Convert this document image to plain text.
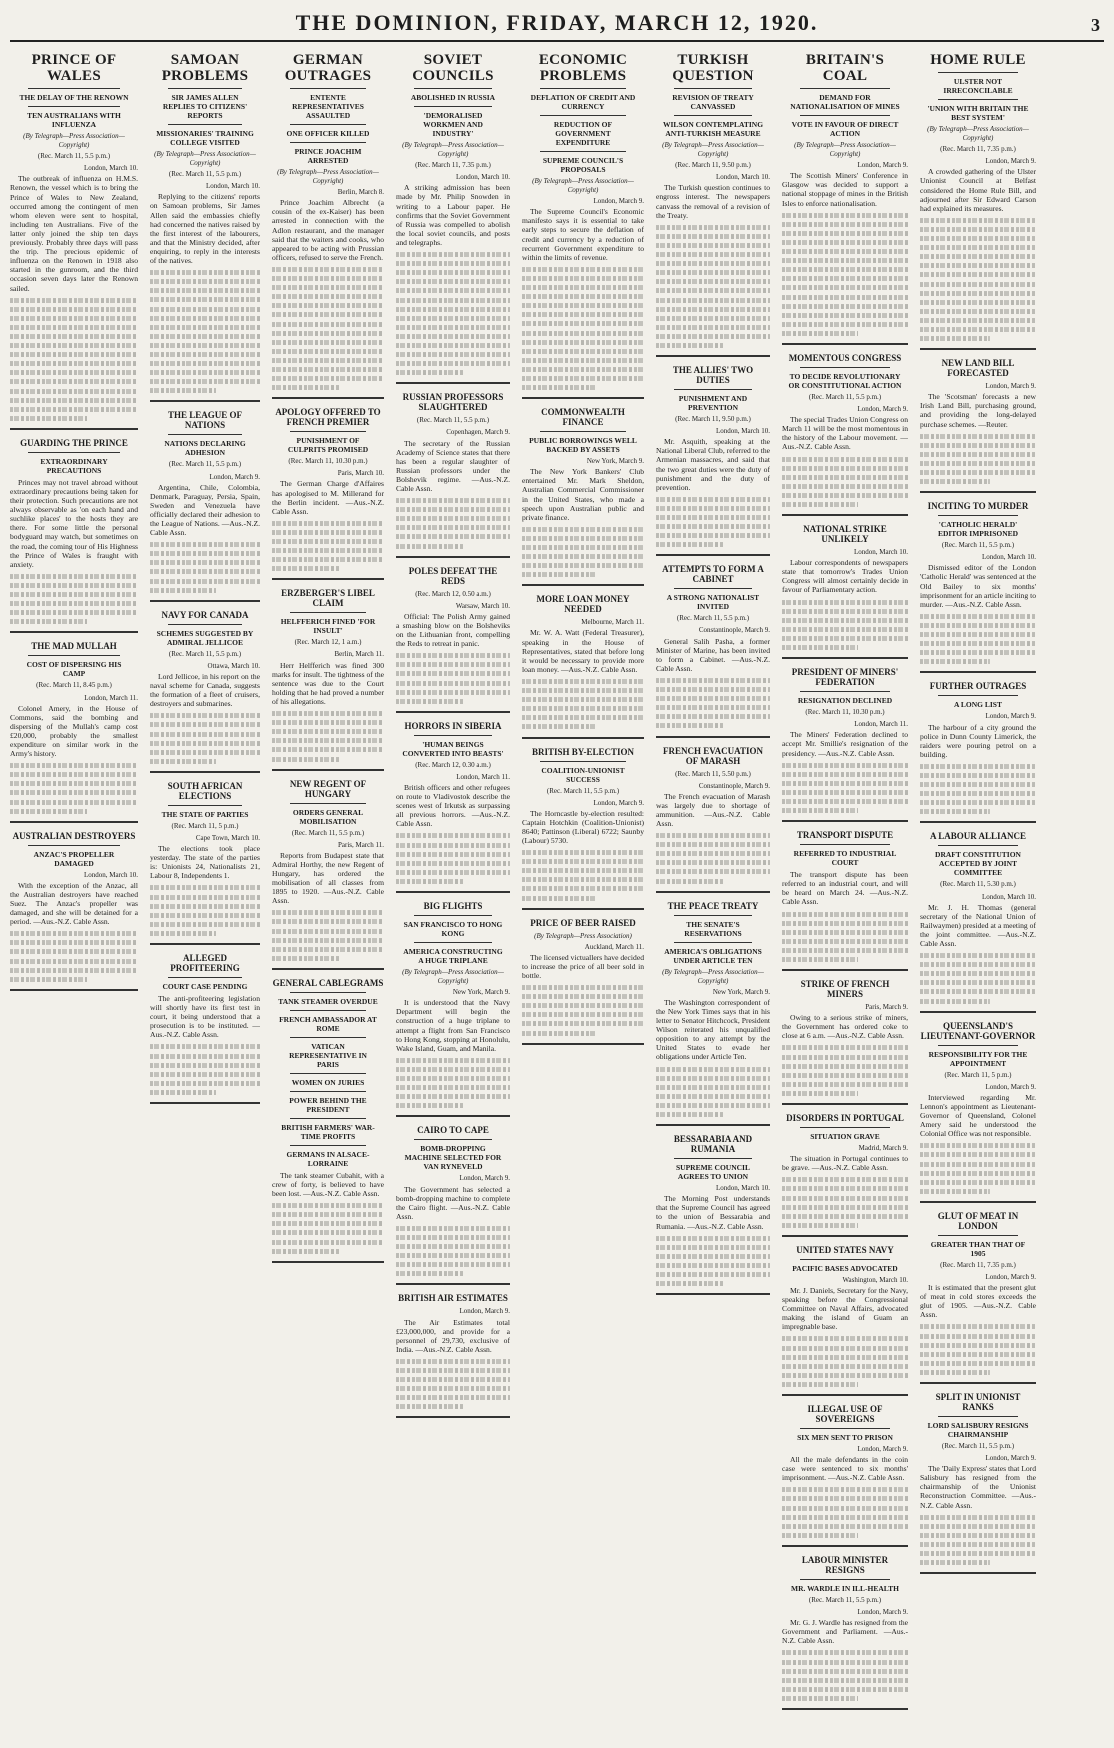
THE DOMINION, FRIDAY, MARCH 12, 1920.	3
PRINCE OF WALES
THE DELAY OF THE RENOWN
TEN AUSTRALIANS WITH INFLUENZA
(By Telegraph—Press Association—Copyright)
(Rec. March 11, 5.5 p.m.)
London, March 10.

The outbreak of influenza on H.M.S. Renown, the vessel which is to bring the Prince of Wales to New Zealand, occurred among the contingent of men whom eleven were sent to hospital, including ten Australians. Five of the latter only joined the ship ten days previously. Probably three days will pass the trip. The precious epidemic of influenza on the Renown in 1918 also started in the gunroom, and the third occasion seven days later the Renown sailed.

GUARDING THE PRINCE
EXTRAORDINARY PRECAUTIONS

Princes may not travel abroad without extraordinary precautions being taken for their protection. Such precautions are not always observable as 'on each hand and suchlike places' to the hosts they are there. For some little the personal bodyguard may watch, but sometimes on the road, the coming tour of His Highness the Prince of Wales is fraught with anxiety.

THE MAD MULLAH
COST OF DISPERSING HIS CAMP
(Rec. March 11, 8.45 p.m.)
London, March 11.

Colonel Amery, in the House of Commons, said the bombing and dispersing of the Mullah's camp cost £20,000, probably the smallest expenditure on similar work in the Army's history.

AUSTRALIAN DESTROYERS
ANZAC'S PROPELLER DAMAGED
London, March 10.

With the exception of the Anzac, all the Australian destroyers have reached Suez. The Anzac's propeller was damaged, and she will be detained for a period. —Aus.-N.Z. Cable Assn.

SAMOAN PROBLEMS
SIR JAMES ALLEN REPLIES TO CITIZENS' REPORTS
MISSIONARIES' TRAINING COLLEGE VISITED
(By Telegraph—Press Association—Copyright)
(Rec. March 11, 5.5 p.m.)
London, March 10.

Replying to the citizens' reports on Samoan problems, Sir James Allen said the embassies chiefly had concerned the natives raised by the first interest of the labourers, and that the Ministry decided, after enquiring, to reply in the interests of the natives.

THE LEAGUE OF NATIONS
NATIONS DECLARING ADHESION
(Rec. March 11, 5.5 p.m.)
London, March 9.

Argentina, Chile, Colombia, Denmark, Paraguay, Persia, Spain, Sweden and Venezuela have officially declared their adhesion to the League of Nations. —Aus.-N.Z. Cable Assn.

NAVY FOR CANADA
SCHEMES SUGGESTED BY ADMIRAL JELLICOE
(Rec. March 11, 5.5 p.m.)
Ottawa, March 10.

Lord Jellicoe, in his report on the naval scheme for Canada, suggests the formation of a fleet of cruisers, destroyers and submarines.

SOUTH AFRICAN ELECTIONS
THE STATE OF PARTIES
(Rec. March 11, 5 p.m.)
Cape Town, March 10.

The elections took place yesterday. The state of the parties is: Unionists 24, Nationalists 21, Labour 8, Independents 1.

ALLEGED PROFITEERING
COURT CASE PENDING

The anti-profiteering legislation will shortly have its first test in court, it being understood that a prosecution is to be instituted. —Aus.-N.Z. Cable Assn.

GERMAN OUTRAGES
ENTENTE REPRESENTATIVES ASSAULTED
ONE OFFICER KILLED
PRINCE JOACHIM ARRESTED
(By Telegraph—Press Association—Copyright)
Berlin, March 8.

Prince Joachim Albrecht (a cousin of the ex-Kaiser) has been arrested in connection with the Adlon restaurant, and the manager said that the waiters and cooks, who appeared to be acting with Prussian officers, refused to serve the French.

APOLOGY OFFERED TO FRENCH PREMIER
PUNISHMENT OF CULPRITS PROMISED
(Rec. March 11, 10.30 p.m.)
Paris, March 10.

The German Charge d'Affaires has apologised to M. Millerand for the Berlin incident. —Aus.-N.Z. Cable Assn.

ERZBERGER'S LIBEL CLAIM
HELFFERICH FINED 'FOR INSULT'
(Rec. March 12, 1 a.m.)
Berlin, March 11.

Herr Helfferich was fined 300 marks for insult. The tightness of the sentence was due to the Court holding that he had proved a number of his allegations.

NEW REGENT OF HUNGARY
ORDERS GENERAL MOBILISATION
(Rec. March 11, 5.5 p.m.)
Paris, March 11.

Reports from Budapest state that Admiral Horthy, the new Regent of Hungary, has ordered the mobilisation of all classes from 1895 to 1920. —Aus.-N.Z. Cable Assn.

GENERAL CABLEGRAMS
TANK STEAMER OVERDUE
FRENCH AMBASSADOR AT ROME
VATICAN REPRESENTATIVE IN PARIS
WOMEN ON JURIES
POWER BEHIND THE PRESIDENT
BRITISH FARMERS' WAR-TIME PROFITS
GERMANS IN ALSACE-LORRAINE

The tank steamer Cubahit, with a crew of forty, is believed to have been lost. —Aus.-N.Z. Cable Assn.

SOVIET COUNCILS
ABOLISHED IN RUSSIA
'DEMORALISED WORKMEN AND INDUSTRY'
(By Telegraph—Press Association—Copyright)
(Rec. March 11, 7.35 p.m.)
London, March 10.

A striking admission has been made by Mr. Philip Snowden in writing to a Labour paper. He confirms that the Soviet Government of Russia was compelled to abolish the local soviet councils, and posts and telegraphs.

RUSSIAN PROFESSORS SLAUGHTERED
(Rec. March 11, 5.5 p.m.)
Copenhagen, March 9.

The secretary of the Russian Academy of Science states that there has been a regular slaughter of Russian professors under the Bolshevik regime. —Aus.-N.Z. Cable Assn.

POLES DEFEAT THE REDS
(Rec. March 12, 0.50 a.m.)
Warsaw, March 10.

Official: The Polish Army gained a smashing blow on the Bolsheviks on the Lithuanian front, compelling the Reds to retreat in panic.

HORRORS IN SIBERIA
'HUMAN BEINGS CONVERTED INTO BEASTS'
(Rec. March 12, 0.30 a.m.)
London, March 11.

British officers and other refugees on route to Vladivostok describe the scenes west of Irkutsk as surpassing all previous horrors. —Aus.-N.Z. Cable Assn.

BIG FLIGHTS
SAN FRANCISCO TO HONG KONG
AMERICA CONSTRUCTING A HUGE TRIPLANE
(By Telegraph—Press Association—Copyright)
New York, March 9.

It is understood that the Navy Department will begin the construction of a huge triplane to attempt a flight from San Francisco to Hong Kong, stopping at Honolulu, Wake Island, Guam, and Manila.

CAIRO TO CAPE
BOMB-DROPPING MACHINE SELECTED FOR VAN RYNEVELD
London, March 9.

The Government has selected a bomb-dropping machine to complete the Cairo flight. —Aus.-N.Z. Cable Assn.

BRITISH AIR ESTIMATES
London, March 9.

The Air Estimates total £23,000,000, and provide for a personnel of 29,730, exclusive of India. —Aus.-N.Z. Cable Assn.

ECONOMIC PROBLEMS
DEFLATION OF CREDIT AND CURRENCY
REDUCTION OF GOVERNMENT EXPENDITURE
SUPREME COUNCIL'S PROPOSALS
(By Telegraph—Press Association—Copyright)
London, March 9.

The Supreme Council's Economic manifesto says it is essential to take early steps to secure the deflation of credit and currency by a reduction of recurrent Government expenditure to within the limits of revenue.

COMMONWEALTH FINANCE
PUBLIC BORROWINGS WELL BACKED BY ASSETS
New York, March 9.

The New York Bankers' Club entertained Mr. Mark Sheldon, Australian Commercial Commissioner in the United States, who made a speech upon Australian public and private finance.

MORE LOAN MONEY NEEDED
Melbourne, March 11.

Mr. W. A. Watt (Federal Treasurer), speaking in the House of Representatives, stated that before long it would be necessary to provide more loan money. —Aus.-N.Z. Cable Assn.

BRITISH BY-ELECTION
COALITION-UNIONIST SUCCESS
(Rec. March 11, 5.5 p.m.)
London, March 9.

The Horncastle by-election resulted: Captain Hotchkin (Coalition-Unionist) 8640; Pattinson (Liberal) 6722; Saunby (Labour) 5730.

PRICE OF BEER RAISED
(By Telegraph—Press Association)
Auckland, March 11.

The licensed victuallers have decided to increase the price of all beer sold in bottle.

TURKISH QUESTION
REVISION OF TREATY CANVASSED
WILSON CONTEMPLATING ANTI-TURKISH MEASURE
(By Telegraph—Press Association—Copyright)
(Rec. March 11, 9.50 p.m.)
London, March 10.

The Turkish question continues to engross interest. The newspapers canvass the removal of a revision of the Treaty.

THE ALLIES' TWO DUTIES
PUNISHMENT AND PREVENTION
(Rec. March 11, 9.50 p.m.)
London, March 10.

Mr. Asquith, speaking at the National Liberal Club, referred to the Armenian massacres, and said that the two great duties were the duty of punishment and the duty of prevention.

ATTEMPTS TO FORM A CABINET
A STRONG NATIONALIST INVITED
(Rec. March 11, 5.5 p.m.)
Constantinople, March 9.

General Salih Pasha, a former Minister of Marine, has been invited to form a Cabinet. —Aus.-N.Z. Cable Assn.

FRENCH EVACUATION OF MARASH
(Rec. March 11, 5.50 p.m.)
Constantinople, March 9.

The French evacuation of Marash was largely due to shortage of ammunition. —Aus.-N.Z. Cable Assn.

THE PEACE TREATY
THE SENATE'S RESERVATIONS
AMERICA'S OBLIGATIONS UNDER ARTICLE TEN
(By Telegraph—Press Association—Copyright)
New York, March 9.

The Washington correspondent of the New York Times says that in his letter to Senator Hitchcock, President Wilson reiterated his unqualified opposition to any attempt by the United States to evade her obligations under Article Ten.

BESSARABIA AND RUMANIA
SUPREME COUNCIL AGREES TO UNION
London, March 10.

The Morning Post understands that the Supreme Council has agreed to the union of Bessarabia and Rumania. —Aus.-N.Z. Cable Assn.

BRITAIN'S COAL
DEMAND FOR NATIONALISATION OF MINES
VOTE IN FAVOUR OF DIRECT ACTION
(By Telegraph—Press Association—Copyright)
London, March 9.

The Scottish Miners' Conference in Glasgow was decided to support a national stoppage of mines in the British Isles to enforce nationalisation.

MOMENTOUS CONGRESS
TO DECIDE REVOLUTIONARY OR CONSTITUTIONAL ACTION
(Rec. March 11, 5.5 p.m.)
London, March 9.

The special Trades Union Congress on March 11 will be the most momentous in the history of the Labour movement. —Aus.-N.Z. Cable Assn.

NATIONAL STRIKE UNLIKELY
London, March 10.

Labour correspondents of newspapers state that tomorrow's Trades Union Congress will almost certainly decide in favour of Parliamentary action.

PRESIDENT OF MINERS' FEDERATION
RESIGNATION DECLINED
(Rec. March 11, 10.30 p.m.)
London, March 11.

The Miners' Federation declined to accept Mr. Smillie's resignation of the presidency. —Aus.-N.Z. Cable Assn.

TRANSPORT DISPUTE
REFERRED TO INDUSTRIAL COURT

The transport dispute has been referred to an industrial court, and will be heard on March 24. —Aus.-N.Z. Cable Assn.

STRIKE OF FRENCH MINERS
Paris, March 9.

Owing to a serious strike of miners, the Government has ordered coke to close at 6 a.m. —Aus.-N.Z. Cable Assn.

DISORDERS IN PORTUGAL
SITUATION GRAVE
Madrid, March 9.

The situation in Portugal continues to be grave. —Aus.-N.Z. Cable Assn.

UNITED STATES NAVY
PACIFIC BASES ADVOCATED
Washington, March 10.

Mr. J. Daniels, Secretary for the Navy, speaking before the Congressional Committee on Naval Affairs, advocated making the island of Guam an impregnable base.

ILLEGAL USE OF SOVEREIGNS
SIX MEN SENT TO PRISON
London, March 9.

All the male defendants in the coin case were sentenced to six months' imprisonment. —Aus.-N.Z. Cable Assn.

LABOUR MINISTER RESIGNS
MR. WARDLE IN ILL-HEALTH
(Rec. March 11, 5.5 p.m.)
London, March 9.

Mr. G. J. Wardle has resigned from the Government and Parliament. —Aus.-N.Z. Cable Assn.

HOME RULE
ULSTER NOT IRRECONCILABLE
'UNION WITH BRITAIN THE BEST SYSTEM'
(By Telegraph—Press Association—Copyright)
(Rec. March 11, 7.35 p.m.)
London, March 9.

A crowded gathering of the Ulster Unionist Council at Belfast considered the Home Rule Bill, and adjourned after Sir Edward Carson had explained its measures.

NEW LAND BILL FORECASTED
London, March 9.

The 'Scotsman' forecasts a new Irish Land Bill, purchasing ground, and providing the long-delayed purchase schemes. —Reuter.

INCITING TO MURDER
'CATHOLIC HERALD' EDITOR IMPRISONED
(Rec. March 11, 5.5 p.m.)
London, March 10.

Dismissed editor of the London 'Catholic Herald' was sentenced at the Old Bailey to six months' imprisonment for an article inciting to murder. —Aus.-N.Z. Cable Assn.

FURTHER OUTRAGES
A LONG LIST
London, March 9.

The harbour of a city ground the police in Dunn County Limerick, the raiders were pouring petrol on a building.

A LABOUR ALLIANCE
DRAFT CONSTITUTION ACCEPTED BY JOINT COMMITTEE
(Rec. March 11, 5.30 p.m.)
London, March 10.

Mr. J. H. Thomas (general secretary of the National Union of Railwaymen) presided at a meeting of the joint committee. —Aus.-N.Z. Cable Assn.

QUEENSLAND'S LIEUTENANT-GOVERNOR
RESPONSIBILITY FOR THE APPOINTMENT
(Rec. March 11, 5 p.m.)
London, March 9.

Interviewed regarding Mr. Lennon's appointment as Lieutenant-Governor of Queensland, Colonel Amery said he understood the Colonial Office was not responsible.

GLUT OF MEAT IN LONDON
GREATER THAN THAT OF 1905
(Rec. March 11, 7.35 p.m.)
London, March 9.

It is estimated that the present glut of meat in cold stores exceeds the glut of 1905. —Aus.-N.Z. Cable Assn.

SPLIT IN UNIONIST RANKS
LORD SALISBURY RESIGNS CHAIRMANSHIP
(Rec. March 11, 5.5 p.m.)
London, March 9.

The 'Daily Express' states that Lord Salisbury has resigned from the chairmanship of the Unionist Reconstruction Committee. —Aus.-N.Z. Cable Assn.
